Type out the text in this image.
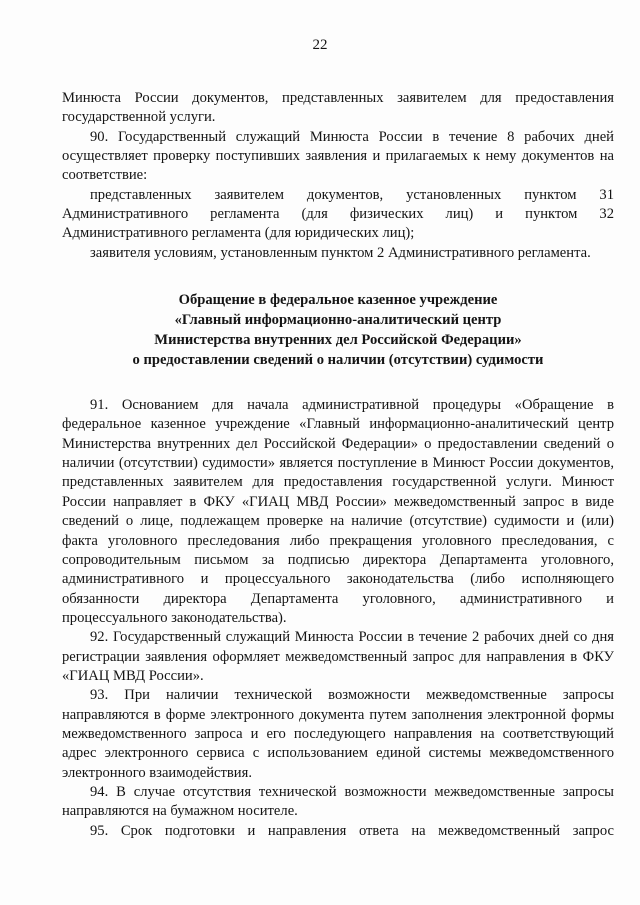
22

Минюста России документов, представленных заявителем для предоставления государственной услуги.

90. Государственный служащий Минюста России в течение 8 рабочих дней осуществляет проверку поступивших заявления и прилагаемых к нему документов на соответствие:

представленных заявителем документов, установленных пунктом 31 Административного регламента (для физических лиц) и пунктом 32 Административного регламента (для юридических лиц);

заявителя условиям, установленным пунктом 2 Административного регламента.

Обращение в федеральное казенное учреждение
«Главный информационно-аналитический центр
Министерства внутренних дел Российской Федерации»
о предоставлении сведений о наличии (отсутствии) судимости

91. Основанием для начала административной процедуры «Обращение в федеральное казенное учреждение «Главный информационно-аналитический центр Министерства внутренних дел Российской Федерации» о предоставлении сведений о наличии (отсутствии) судимости» является поступление в Минюст России документов, представленных заявителем для предоставления государственной услуги. Минюст России направляет в ФКУ «ГИАЦ МВД России» межведомственный запрос в виде сведений о лице, подлежащем проверке на наличие (отсутствие) судимости и (или) факта уголовного преследования либо прекращения уголовного преследования, с сопроводительным письмом за подписью директора Департамента уголовного, административного и процессуального законодательства (либо исполняющего обязанности директора Департамента уголовного, административного и процессуального законодательства).

92. Государственный служащий Минюста России в течение 2 рабочих дней со дня регистрации заявления оформляет межведомственный запрос для направления в ФКУ «ГИАЦ МВД России».

93. При наличии технической возможности межведомственные запросы направляются в форме электронного документа путем заполнения электронной формы межведомственного запроса и его последующего направления на соответствующий адрес электронного сервиса с использованием единой системы межведомственного электронного взаимодействия.

94. В случае отсутствия технической возможности межведомственные запросы направляются на бумажном носителе.

95. Срок подготовки и направления ответа на межведомственный запрос
